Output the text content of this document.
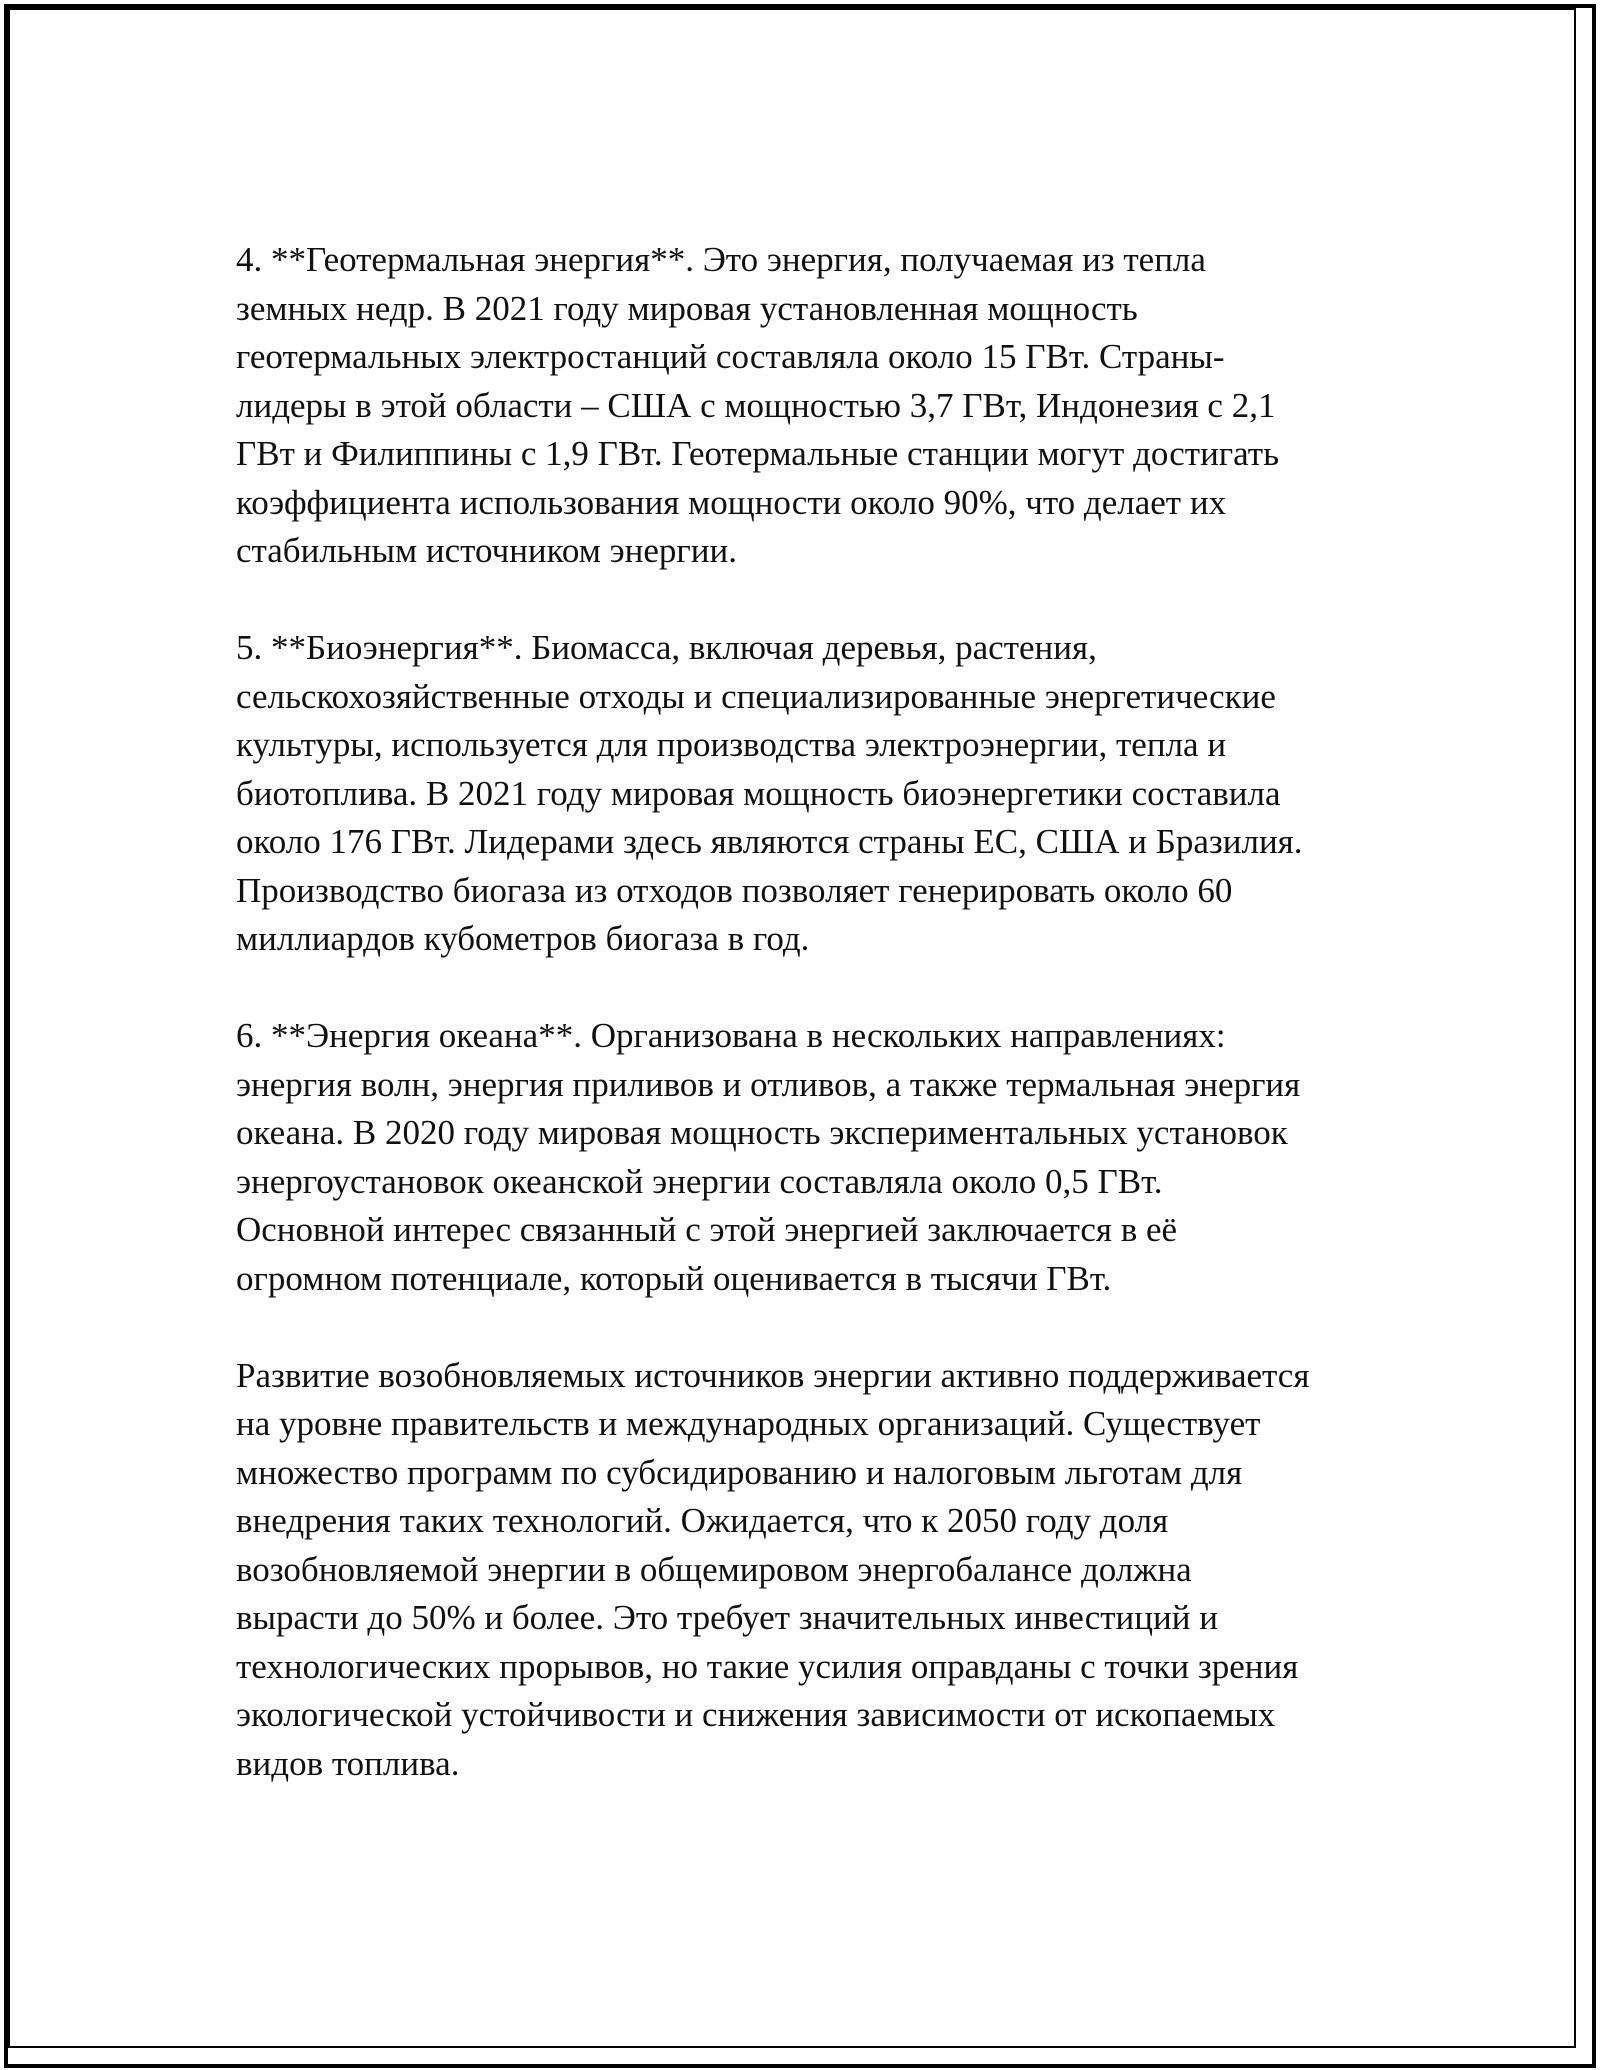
4. **Геотермальная энергия**. Это энергия, получаемая из тепла
земных недр. В 2021 году мировая установленная мощность
геотермальных электростанций составляла около 15 ГВт. Страны-
лидеры в этой области – США с мощностью 3,7 ГВт, Индонезия с 2,1
ГВт и Филиппины с 1,9 ГВт. Геотермальные станции могут достигать
коэффициента использования мощности около 90%, что делает их
стабильным источником энергии.

5. **Биоэнергия**. Биомасса, включая деревья, растения,
сельскохозяйственные отходы и специализированные энергетические
культуры, используется для производства электроэнергии, тепла и
биотоплива. В 2021 году мировая мощность биоэнергетики составила
около 176 ГВт. Лидерами здесь являются страны ЕС, США и Бразилия.
Производство биогаза из отходов позволяет генерировать около 60
миллиардов кубометров биогаза в год.

6. **Энергия океана**. Организована в нескольких направлениях:
энергия волн, энергия приливов и отливов, а также термальная энергия
океана. В 2020 году мировая мощность экспериментальных установок
энергоустановок океанской энергии составляла около 0,5 ГВт.
Основной интерес связанный с этой энергией заключается в её
огромном потенциале, который оценивается в тысячи ГВт.

Развитие возобновляемых источников энергии активно поддерживается
на уровне правительств и международных организаций. Существует
множество программ по субсидированию и налоговым льготам для
внедрения таких технологий. Ожидается, что к 2050 году доля
возобновляемой энергии в общемировом энергобалансе должна
вырасти до 50% и более. Это требует значительных инвестиций и
технологических прорывов, но такие усилия оправданы с точки зрения
экологической устойчивости и снижения зависимости от ископаемых
видов топлива.
